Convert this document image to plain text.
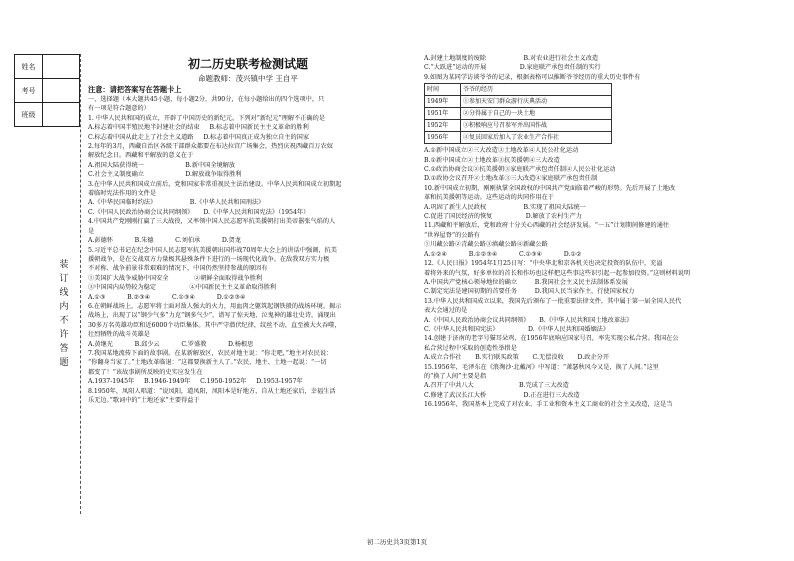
姓名	
考号	
班级	
装
订
线
内
不
许
答
题
初二历史联考检测试题
命题教师：茂兴镇中学 王自平
注意：请把答案写在答题卡上

一、选择题（本大题共45小题，每小题2分，共90分，在每小题给出的四个选项中，只

有一项是符合题意的）

1. 中华人民共和国的成立，开辟了中国历史的新纪元。下列对“新纪元”理解不正确的是

A.标志着中国半殖民地半封建社会的结束     B.标志着中国新民主主义革命的胜利

C.标志着中国从此走上了社会主义道路     D.标志着中国真正成为独立自主的国家

2.每年的3月，西藏自治区各级干部群众都要在布达拉宫广场集会，热烈庆祝西藏百万农奴

解放纪念日。西藏和平解放的意义在于

A.祖国大陆获得统一                     B.新中国全境解放

C.社会主义制度确立                     D.解放战争取得胜利

3.在中华人民共和国成立前后，党和国家非常重视民主法治建设。中华人民共和国成立初期起

着临时宪法作用的文件是

A.《中华民国临时约法》                 B.《中华人民共和国刑法》

C.《中国人民政治协商会议共同纲领》     D.《中华人民共和国宪法》（1954年）

4.中国共产党刚刚打赢了三大战役，又率领中国人民志愿军抗美援朝打出美帝嚣张气焰的人

是

A.彭德怀           B.朱德           C.刘伯承           D.贺龙

5.习近平总书记在纪念中国人民志愿军抗美援朝出国作战70周年大会上的讲话中强调，抗美

援朝战争，是在交战双方力量极其悬殊条件下进行的一场现代化战争。在敌我双方实力极

不对称、战争前景非常艰难的情况下，中国仍然坚持参战的原因有

①美国扩大战争威胁中国安全             ②朝鲜全面取得战争胜利

③中国国内局势较为稳定                 ④中国新民主主义革命取得胜利

A.①③           B.②③④           C.①③④           D.①②③④

6.在朝鲜战场上，志愿军将士面对敌人强大的火力，用血肉之躯筑起钢铁般的战场环境。揭示

战场上，出现了以“钢少气多”力克“钢多气少”，谱写了惊天地、泣鬼神的雄壮史诗，涌现出

30多万名英雄功臣和近6000个功臣集体。其中严守潜伏纪律，纹丝不动，直至被大火吞噬，

壮烈牺牲的战斗英雄是

A.黄继光           B.邱少云           C.罗盛教           D.杨根思

7.我国某地流传下面的故事剧。在某新解放区，农民对地主说：“你走吧，”地主对农民说：

“你翻身当家了。”土地改革临退：“这都要换新主人了。”农民、地主、土地一起说：“一切

都变了！”该故事剧所反映的史实应发生在

A.1937-1945年     B.1946-1949年     C.1950-1952年     D.1953-1957年

8.1950年，凤阳人唱道：“说凤阳，道凤阳，凤阳本是好地方，自从土地还家后，幸福生活

乐无边。”歌词中的“土地还家”主要得益于

A.封建土地制度的废除                   B.对农业进行社会主义改造

C.“大跃进”运动的开展                 D.家庭联产承包责任制的实行

9.如图为某同学访谈爷爷的记录，根据表格可以推断爷爷经历的重大历史事件有

时间	爷爷的经历
1949年	①参加天安门群众游行庆典活动
1951年	②分得属于自己的一块土地
1952年	③积极响应号召参军并出国作战
1956年	④复员回家后加入了农业生产合作社

A.①新中国成立②三大改造③土地改革④人民公社化运动

B.①新中国成立②土地改革③抗美援朝④三大改造

C.①政治协商会议②抗美援朝③家庭联产承包责任制④人民公社化运动

D.①政协会议召开②土地改革③三大改造④家庭联产承包责任制

10.新中国成立初期，刚刚执掌全国政权的中国共产党面临着严峻的形势。先后开展了土地改

革和抗美援朝等运动。这些运动的共同作用在于

A.巩固了新生人民政权                   B.实现了祖国大陆统一

C.促进了国民经济的恢复                 D.解放了农村生产力

11.西藏和平解放后，党和政府十分关心西藏的社会经济发展。“一五”计划期间修建的通往

“世界屋脊”的公路有

①川藏公路②青藏公路③滇藏公路④新藏公路

A.①②④           B.①②③④           C.①③④           D.①②

12.《人民日报》1954年1月25日写：“中央华北和京各机关也决定投资的队伍中，充溢

着将外来的气氛，好多单位的首长和作坊也这样把这些事这些识引起一起参加投资。”这则材料说明

A.中国共产党核心领导地位的确立         B.我国社会主义民主法制体系发展

C.制定宪法是建国初期的首要任务         D.我国人民当家作主，行使国家权力

13.中华人民共和国成立以来，我国先后颁布了一批重要法律文件，其中属于第一届全国人民代

表大会通过的是

A.《中国人民政治协商会议共同纲领》     B.《中华人民共和国土地改革法》

C.《中华人民共和国宪法》               D.《中华人民共和国婚姻法》

14.创建于济南的老字号猫耳朵鸡，在1956年底响应国家号召，率先实现公私合营。我国在公

私合营过程中采取的创造性举措是

A.成立合作社       B.实行联买政策       C.无偿没收       D.政企分开

15.1956年，毛泽东在《浪淘沙·北戴河》中写道：“萧瑟秋风今又是，换了人间。”这里

的“换了人间”主要是指

A.召开了中共八大                       B.完成了三大改造

C.修建了武汉长江大桥                   D.正在进行三大改造

16.1956年，我国基本上完成了对农业、手工业和资本主义工商业的社会主义改造，这是当

初二历史共3页第1页
